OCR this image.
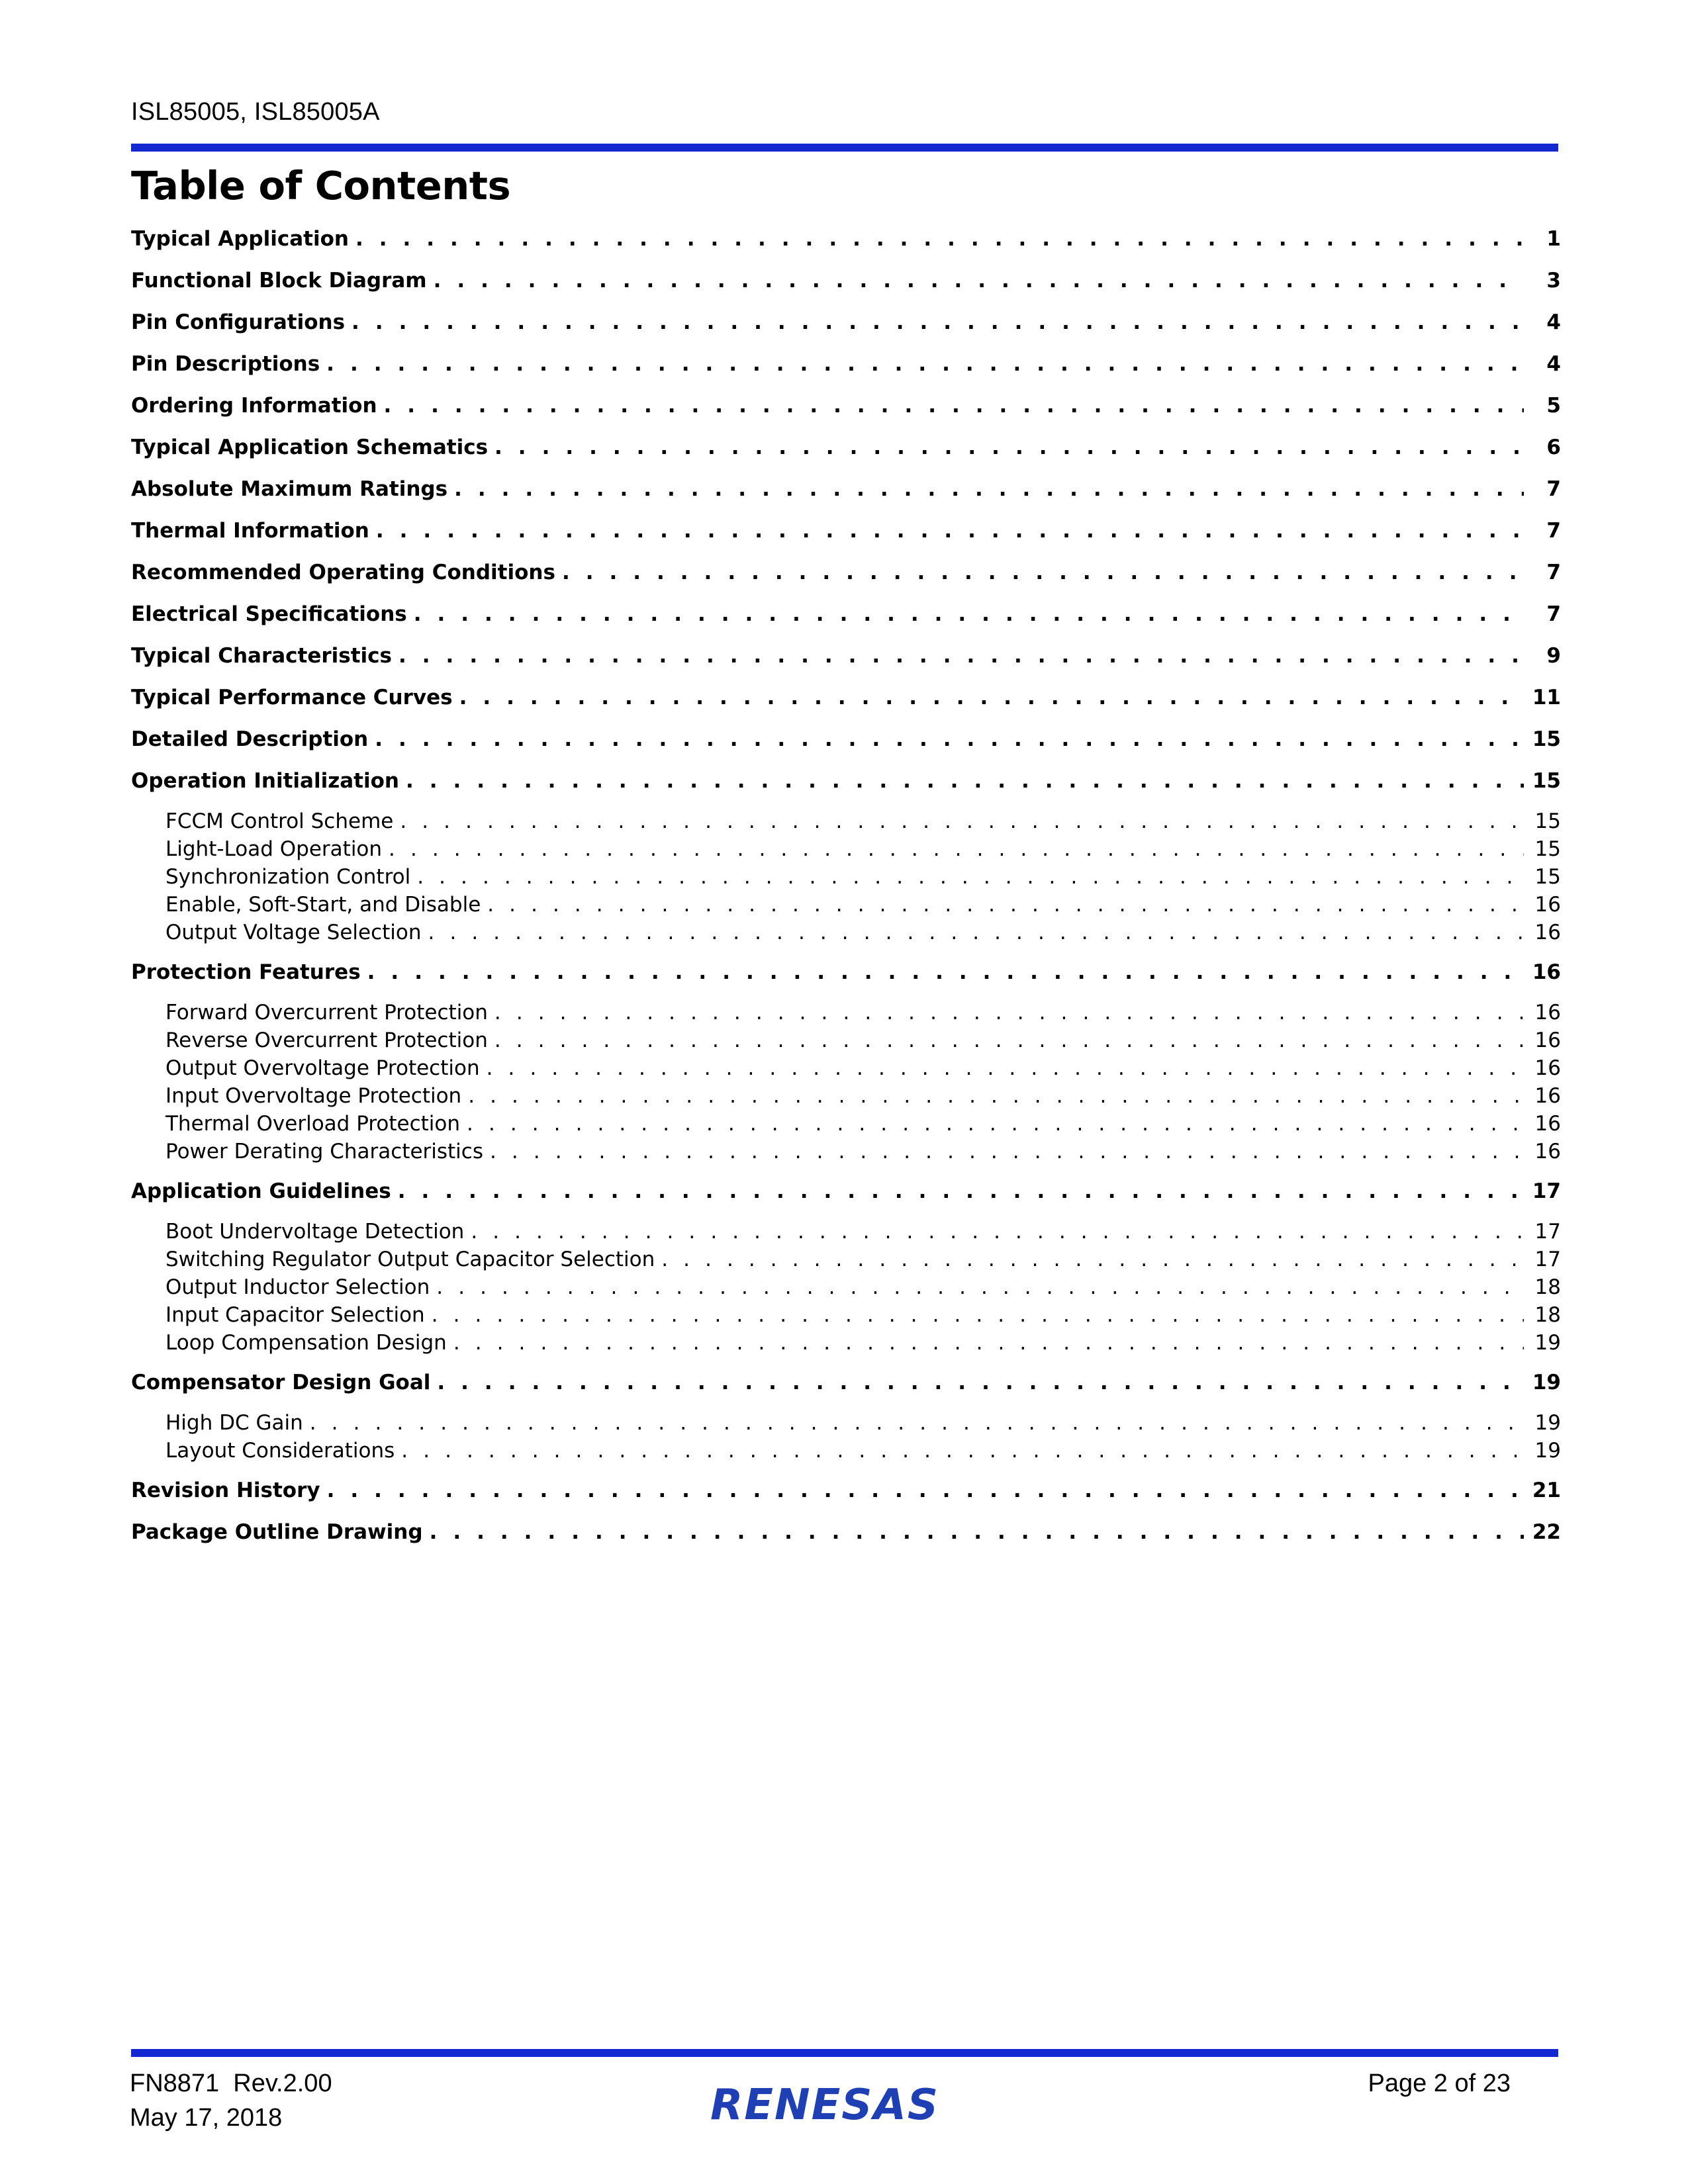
ISL85005, ISL85005A
Table of Contents
Typical Application . . .	1
Functional Block Diagram . . .	3
Pin Configurations . . .	4
Pin Descriptions . . .	4
Ordering Information . . .	5
Typical Application Schematics . . .	6
Absolute Maximum Ratings . . .	7
Thermal Information . . .	7
Recommended Operating Conditions . . .	7
Electrical Specifications . . .	7
Typical Characteristics . . .	9
Typical Performance Curves . . .	11
Detailed Description . . .	15
Operation Initialization . . .	15
FCCM Control Scheme . . .	15
Light-Load Operation . . .	15
Synchronization Control . . .	15
Enable, Soft-Start, and Disable . . .	16
Output Voltage Selection . . .	16
Protection Features . . .	16
Forward Overcurrent Protection . . .	16
Reverse Overcurrent Protection . . .	16
Output Overvoltage Protection . . .	16
Input Overvoltage Protection . . .	16
Thermal Overload Protection . . .	16
Power Derating Characteristics . . .	16
Application Guidelines . . .	17
Boot Undervoltage Detection . . .	17
Switching Regulator Output Capacitor Selection . . .	17
Output Inductor Selection . . .	18
Input Capacitor Selection . . .	18
Loop Compensation Design . . .	19
Compensator Design Goal . . .	19
High DC Gain . . .	19
Layout Considerations . . .	19
Revision History . . .	21
Package Outline Drawing . . .	22
FN8871  Rev.2.00
May 17, 2018	RENESAS	Page 2 of 23
